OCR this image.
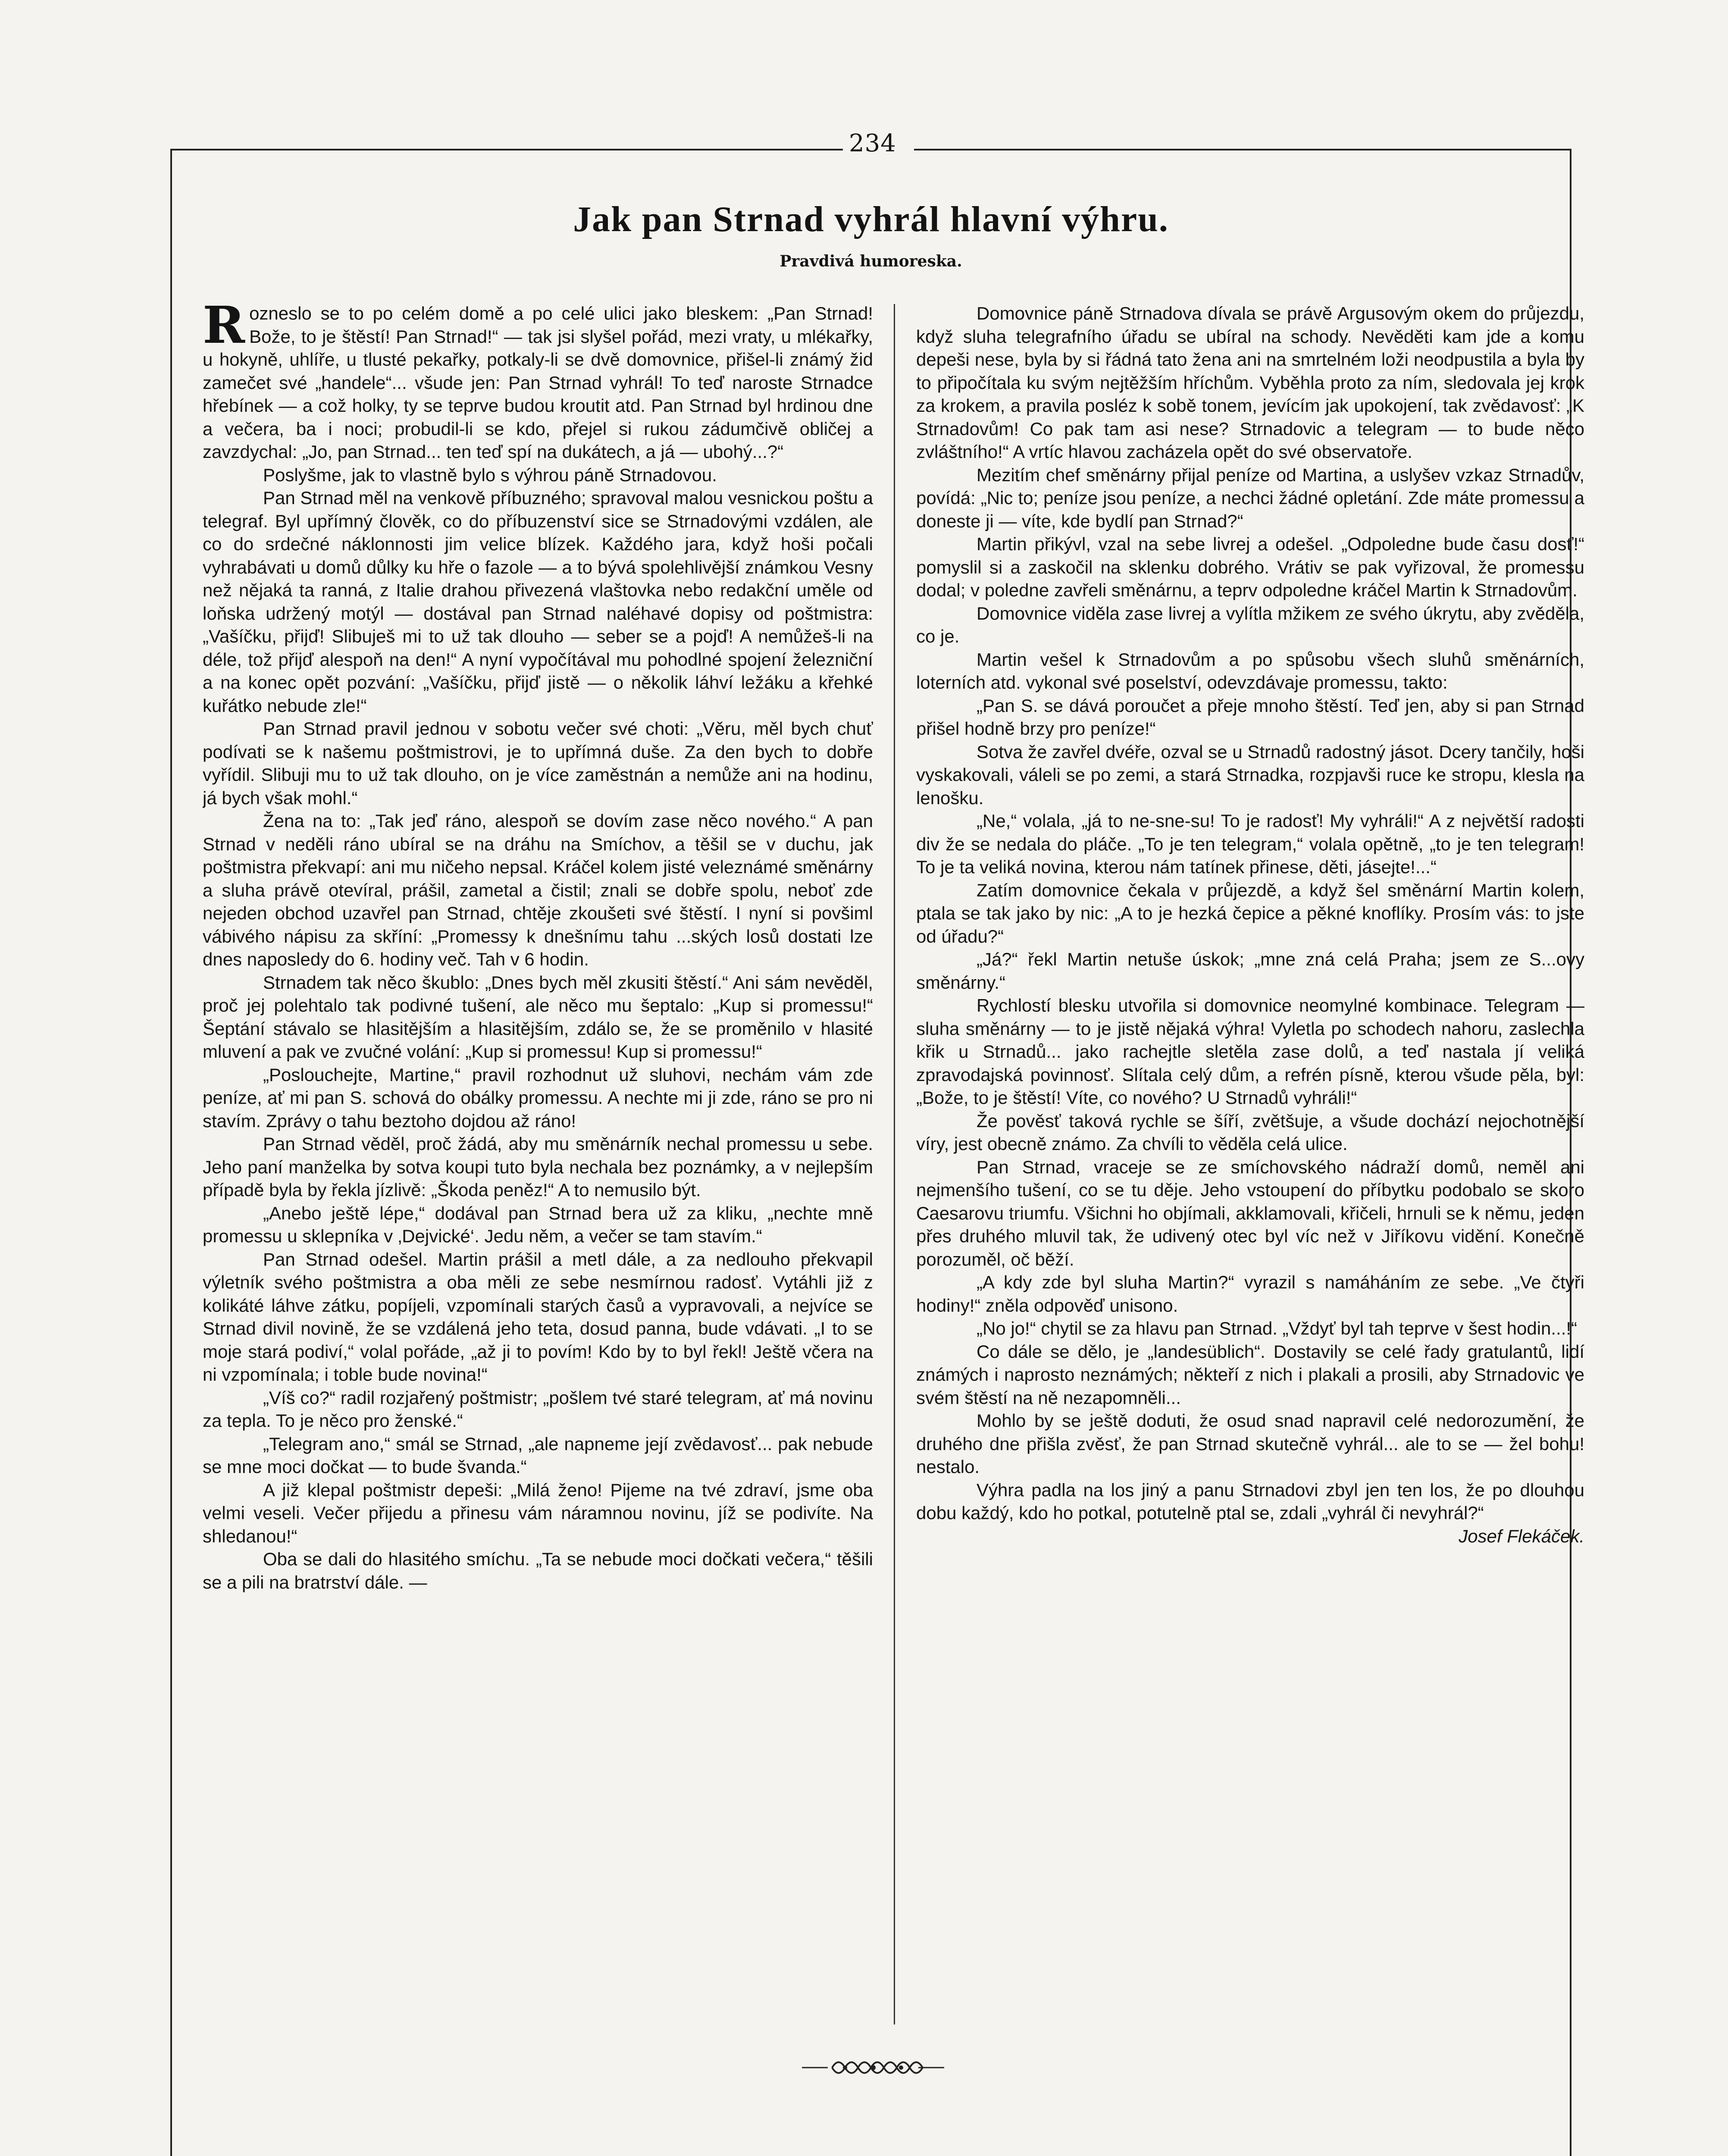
234
Jak pan Strnad vyhrál hlavní výhru.
Pravdivá humoreska.

Rozneslo se to po celém domě a po celé ulici jako bleskem: „Pan Strnad! Bože, to je štěstí! Pan Strnad!“ — tak jsi slyšel pořád, mezi vraty, u mlékařky, u hokyně, uhlíře, u tlusté pekařky, potkaly-li se dvě domovnice, přišel-li známý žid zamečet své „handele“... všude jen: Pan Strnad vyhrál! To teď naroste Strnadce hřebínek — a což holky, ty se teprve budou kroutit atd. Pan Strnad byl hrdinou dne a večera, ba i noci; probudil-li se kdo, přejel si rukou zádumčivě obličej a zavzdychal: „Jo, pan Strnad... ten teď spí na dukátech, a já — ubohý...?“

Poslyšme, jak to vlastně bylo s výhrou páně Strnadovou.

Pan Strnad měl na venkově příbuzného; spravoval malou vesnickou poštu a telegraf. Byl upřímný člověk, co do příbuzenství sice se Strnadovými vzdálen, ale co do srdečné náklonnosti jim velice blízek. Každého jara, když hoši počali vyhrabávati u domů důlky ku hře o fazole — a to bývá spolehlivější známkou Vesny než nějaká ta ranná, z Italie drahou přivezená vlaštovka nebo redakční uměle od loňska udržený motýl — dostával pan Strnad naléhavé dopisy od poštmistra: „Vašíčku, přijď! Slibuješ mi to už tak dlouho — seber se a pojď! A nemůžeš-li na déle, tož přijď alespoň na den!“ A nyní vypočítával mu pohodlné spojení železniční a na konec opět pozvání: „Vašíčku, přijď jistě — o několik láhví ležáku a křehké kuřátko nebude zle!“

Pan Strnad pravil jednou v sobotu večer své choti: „Věru, měl bych chuť podívati se k našemu poštmistrovi, je to upřímná duše. Za den bych to dobře vyřídil. Slibuji mu to už tak dlouho, on je více zaměstnán a nemůže ani na hodinu, já bych však mohl.“

Žena na to: „Tak jeď ráno, alespoň se dovím zase něco nového.“ A pan Strnad v neděli ráno ubíral se na dráhu na Smíchov, a těšil se v duchu, jak poštmistra překvapí: ani mu ničeho nepsal. Kráčel kolem jisté veleznámé směnárny a sluha právě otevíral, prášil, zametal a čistil; znali se dobře spolu, neboť zde nejeden obchod uzavřel pan Strnad, chtěje zkoušeti své štěstí. I nyní si povšiml vábivého nápisu za skříní: „Promessy k dnešnímu tahu ...ských losů dostati lze dnes naposledy do 6. hodiny več. Tah v 6 hodin.

Strnadem tak něco škublo: „Dnes bych měl zkusiti štěstí.“ Ani sám nevěděl, proč jej polehtalo tak podivné tušení, ale něco mu šeptalo: „Kup si promessu!“ Šeptání stávalo se hlasitějším a hlasitějším, zdálo se, že se proměnilo v hlasité mluvení a pak ve zvučné volání: „Kup si promessu! Kup si promessu!“

„Poslouchejte, Martine,“ pravil rozhodnut už sluhovi, nechám vám zde peníze, ať mi pan S. schová do obálky promessu. A nechte mi ji zde, ráno se pro ni stavím. Zprávy o tahu beztoho dojdou až ráno!

Pan Strnad věděl, proč žádá, aby mu směnárník nechal promessu u sebe. Jeho paní manželka by sotva koupi tuto byla nechala bez poznámky, a v nejlepším případě byla by řekla jízlivě: „Škoda peněz!“ A to nemusilo být.

„Anebo ještě lépe,“ dodával pan Strnad bera už za kliku, „nechte mně promessu u sklepníka v ‚Dejvické‘. Jedu něm, a večer se tam stavím.“

Pan Strnad odešel. Martin prášil a metl dále, a za nedlouho překvapil výletník svého poštmistra a oba měli ze sebe nesmírnou radosť. Vytáhli již z kolikáté láhve zátku, popíjeli, vzpomínali starých časů a vypravovali, a nejvíce se Strnad divil novině, že se vzdálená jeho teta, dosud panna, bude vdávati. „I to se moje stará podiví,“ volal pořáde, „až ji to povím! Kdo by to byl řekl! Ještě včera na ni vzpomínala; i toble bude novina!“

„Víš co?“ radil rozjařený poštmistr; „pošlem tvé staré telegram, ať má novinu za tepla. To je něco pro ženské.“

„Telegram ano,“ smál se Strnad, „ale napneme její zvědavosť... pak nebude se mne moci dočkat — to bude švanda.“

A již klepal poštmistr depeši: „Milá ženo! Pijeme na tvé zdraví, jsme oba velmi veseli. Večer přijedu a přinesu vám náramnou novinu, jíž se podivíte. Na shledanou!“

Oba se dali do hlasitého smíchu. „Ta se nebude moci dočkati večera,“ těšili se a pili na bratrství dále. —

Domovnice páně Strnadova dívala se právě Argusovým okem do průjezdu, když sluha telegrafního úřadu se ubíral na schody. Nevěděti kam jde a komu depeši nese, byla by si řádná tato žena ani na smrtelném loži neodpustila a byla by to připočítala ku svým nejtěžším hříchům. Vyběhla proto za ním, sledovala jej krok za krokem, a pravila posléz k sobě tonem, jevícím jak upokojení, tak zvědavosť: „K Strnadovům! Co pak tam asi nese? Strnadovic a telegram — to bude něco zvláštního!“ A vrtíc hlavou zacházela opět do své observatoře.

Mezitím chef směnárny přijal peníze od Martina, a uslyšev vzkaz Strnadův, povídá: „Nic to; peníze jsou peníze, a nechci žádné opletání. Zde máte promessu a doneste ji — víte, kde bydlí pan Strnad?“

Martin přikývl, vzal na sebe livrej a odešel. „Odpoledne bude času dosť!“ pomyslil si a zaskočil na sklenku dobrého. Vrátiv se pak vyřizoval, že promessu dodal; v poledne zavřeli směnárnu, a teprv odpoledne kráčel Martin k Strnadovům.

Domovnice viděla zase livrej a vylítla mžikem ze svého úkrytu, aby zvěděla, co je.

Martin vešel k Strnadovům a po spůsobu všech sluhů směnárních, loterních atd. vykonal své poselství, odevzdávaje promessu, takto:

„Pan S. se dává poroučet a přeje mnoho štěstí. Teď jen, aby si pan Strnad přišel hodně brzy pro peníze!“

Sotva že zavřel dvéře, ozval se u Strnadů radostný jásot. Dcery tančily, hoši vyskakovali, váleli se po zemi, a stará Strnadka, rozpjavši ruce ke stropu, klesla na lenošku.

„Ne,“ volala, „já to ne-sne-su! To je radosť! My vyhráli!“ A z největší radosti div že se nedala do pláče. „To je ten telegram,“ volala opětně, „to je ten telegram! To je ta veliká novina, kterou nám tatínek přinese, děti, jásejte!...“

Zatím domovnice čekala v průjezdě, a když šel směnární Martin kolem, ptala se tak jako by nic: „A to je hezká čepice a pěkné knoflíky. Prosím vás: to jste od úřadu?“

„Já?“ řekl Martin netuše úskok; „mne zná celá Praha; jsem ze S...ovy směnárny.“

Rychlostí blesku utvořila si domovnice neomylné kombinace. Telegram — sluha směnárny — to je jistě nějaká výhra! Vyletla po schodech nahoru, zaslechla křik u Strnadů... jako rachejtle sletěla zase dolů, a teď nastala jí veliká zpravodajská povinnosť. Slítala celý dům, a refrén písně, kterou všude pěla, byl: „Bože, to je štěstí! Víte, co nového? U Strnadů vyhráli!“

Že pověsť taková rychle se šíří, zvětšuje, a všude dochází nejochotnější víry, jest obecně známo. Za chvíli to věděla celá ulice.

Pan Strnad, vraceje se ze smíchovského nádraží domů, neměl ani nejmenšího tušení, co se tu děje. Jeho vstoupení do příbytku podobalo se skoro Caesarovu triumfu. Všichni ho objímali, akklamovali, křičeli, hrnuli se k němu, jeden přes druhého mluvil tak, že udivený otec byl víc než v Jiříkovu vidění. Konečně porozuměl, oč běží.

„A kdy zde byl sluha Martin?“ vyrazil s namáháním ze sebe. „Ve čtyři hodiny!“ zněla odpověď unisono.

„No jo!“ chytil se za hlavu pan Strnad. „Vždyť byl tah teprve v šest hodin...!“

Co dále se dělo, je „landesüblich“. Dostavily se celé řady gratulantů, lidí známých i naprosto neznámých; někteří z nich i plakali a prosili, aby Strnadovic ve svém štěstí na ně nezapomněli...

Mohlo by se ještě doduti, že osud snad napravil celé nedorozumění, že druhého dne přišla zvěsť, že pan Strnad skutečně vyhrál... ale to se — žel bohu! nestalo.

Výhra padla na los jiný a panu Strnadovi zbyl jen ten los, že po dlouhou dobu každý, kdo ho potkal, potutelně ptal se, zdali „vyhrál či nevyhrál?“
Josef Flekáček.
